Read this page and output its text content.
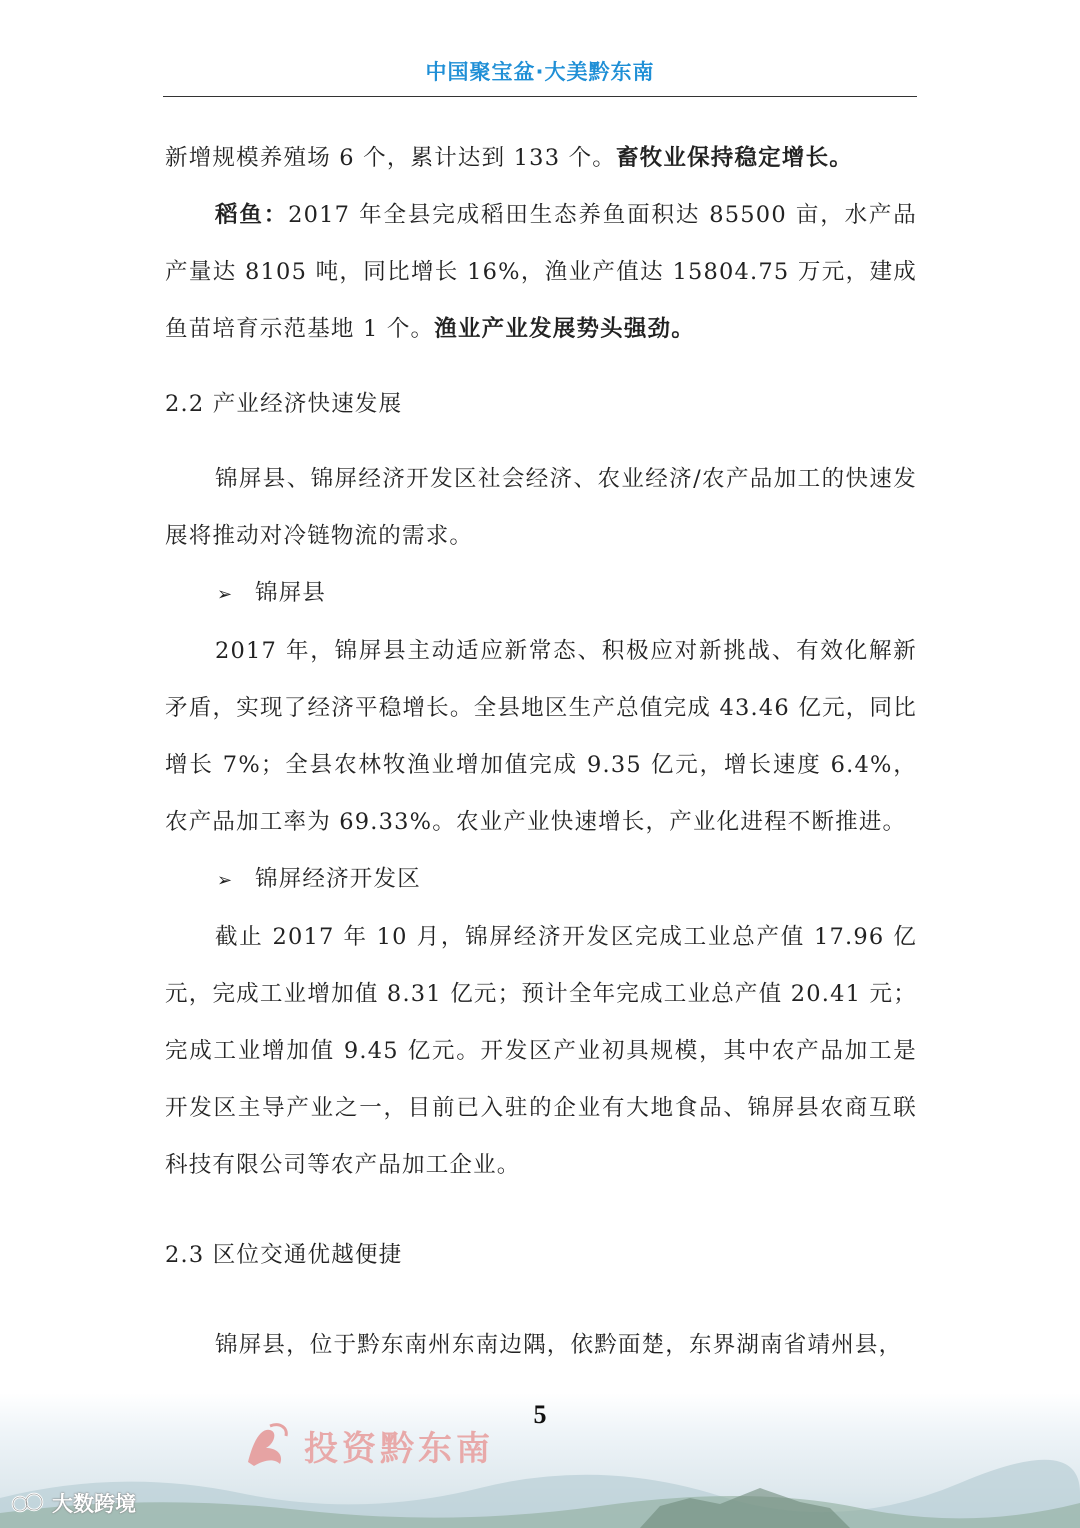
中国聚宝盆·大美黔东南

新增规模养殖场 6 个，累计达到 133 个。畜牧业保持稳定增长。

稻鱼：2017 年全县完成稻田生态养鱼面积达 85500 亩，水产品产量达 8105 吨，同比增长 16%，渔业产值达 15804.75 万元，建成鱼苗培育示范基地 1 个。渔业产业发展势头强劲。

2.2 产业经济快速发展

锦屏县、锦屏经济开发区社会经济、农业经济/农产品加工的快速发展将推动对冷链物流的需求。

➢ 锦屏县

2017 年，锦屏县主动适应新常态、积极应对新挑战、有效化解新矛盾，实现了经济平稳增长。全县地区生产总值完成 43.46 亿元，同比增长 7%；全县农林牧渔业增加值完成 9.35 亿元，增长速度 6.4%，农产品加工率为 69.33%。农业产业快速增长，产业化进程不断推进。

➢ 锦屏经济开发区

截止 2017 年 10 月，锦屏经济开发区完成工业总产值 17.96 亿元，完成工业增加值 8.31 亿元；预计全年完成工业总产值 20.41 元；完成工业增加值 9.45 亿元。开发区产业初具规模，其中农产品加工是开发区主导产业之一，目前已入驻的企业有大地食品、锦屏县农商互联科技有限公司等农产品加工企业。

2.3 区位交通优越便捷

锦屏县，位于黔东南州东南边隅，依黔面楚，东界湖南省靖州县，

5
投资黔东南
大数跨境
